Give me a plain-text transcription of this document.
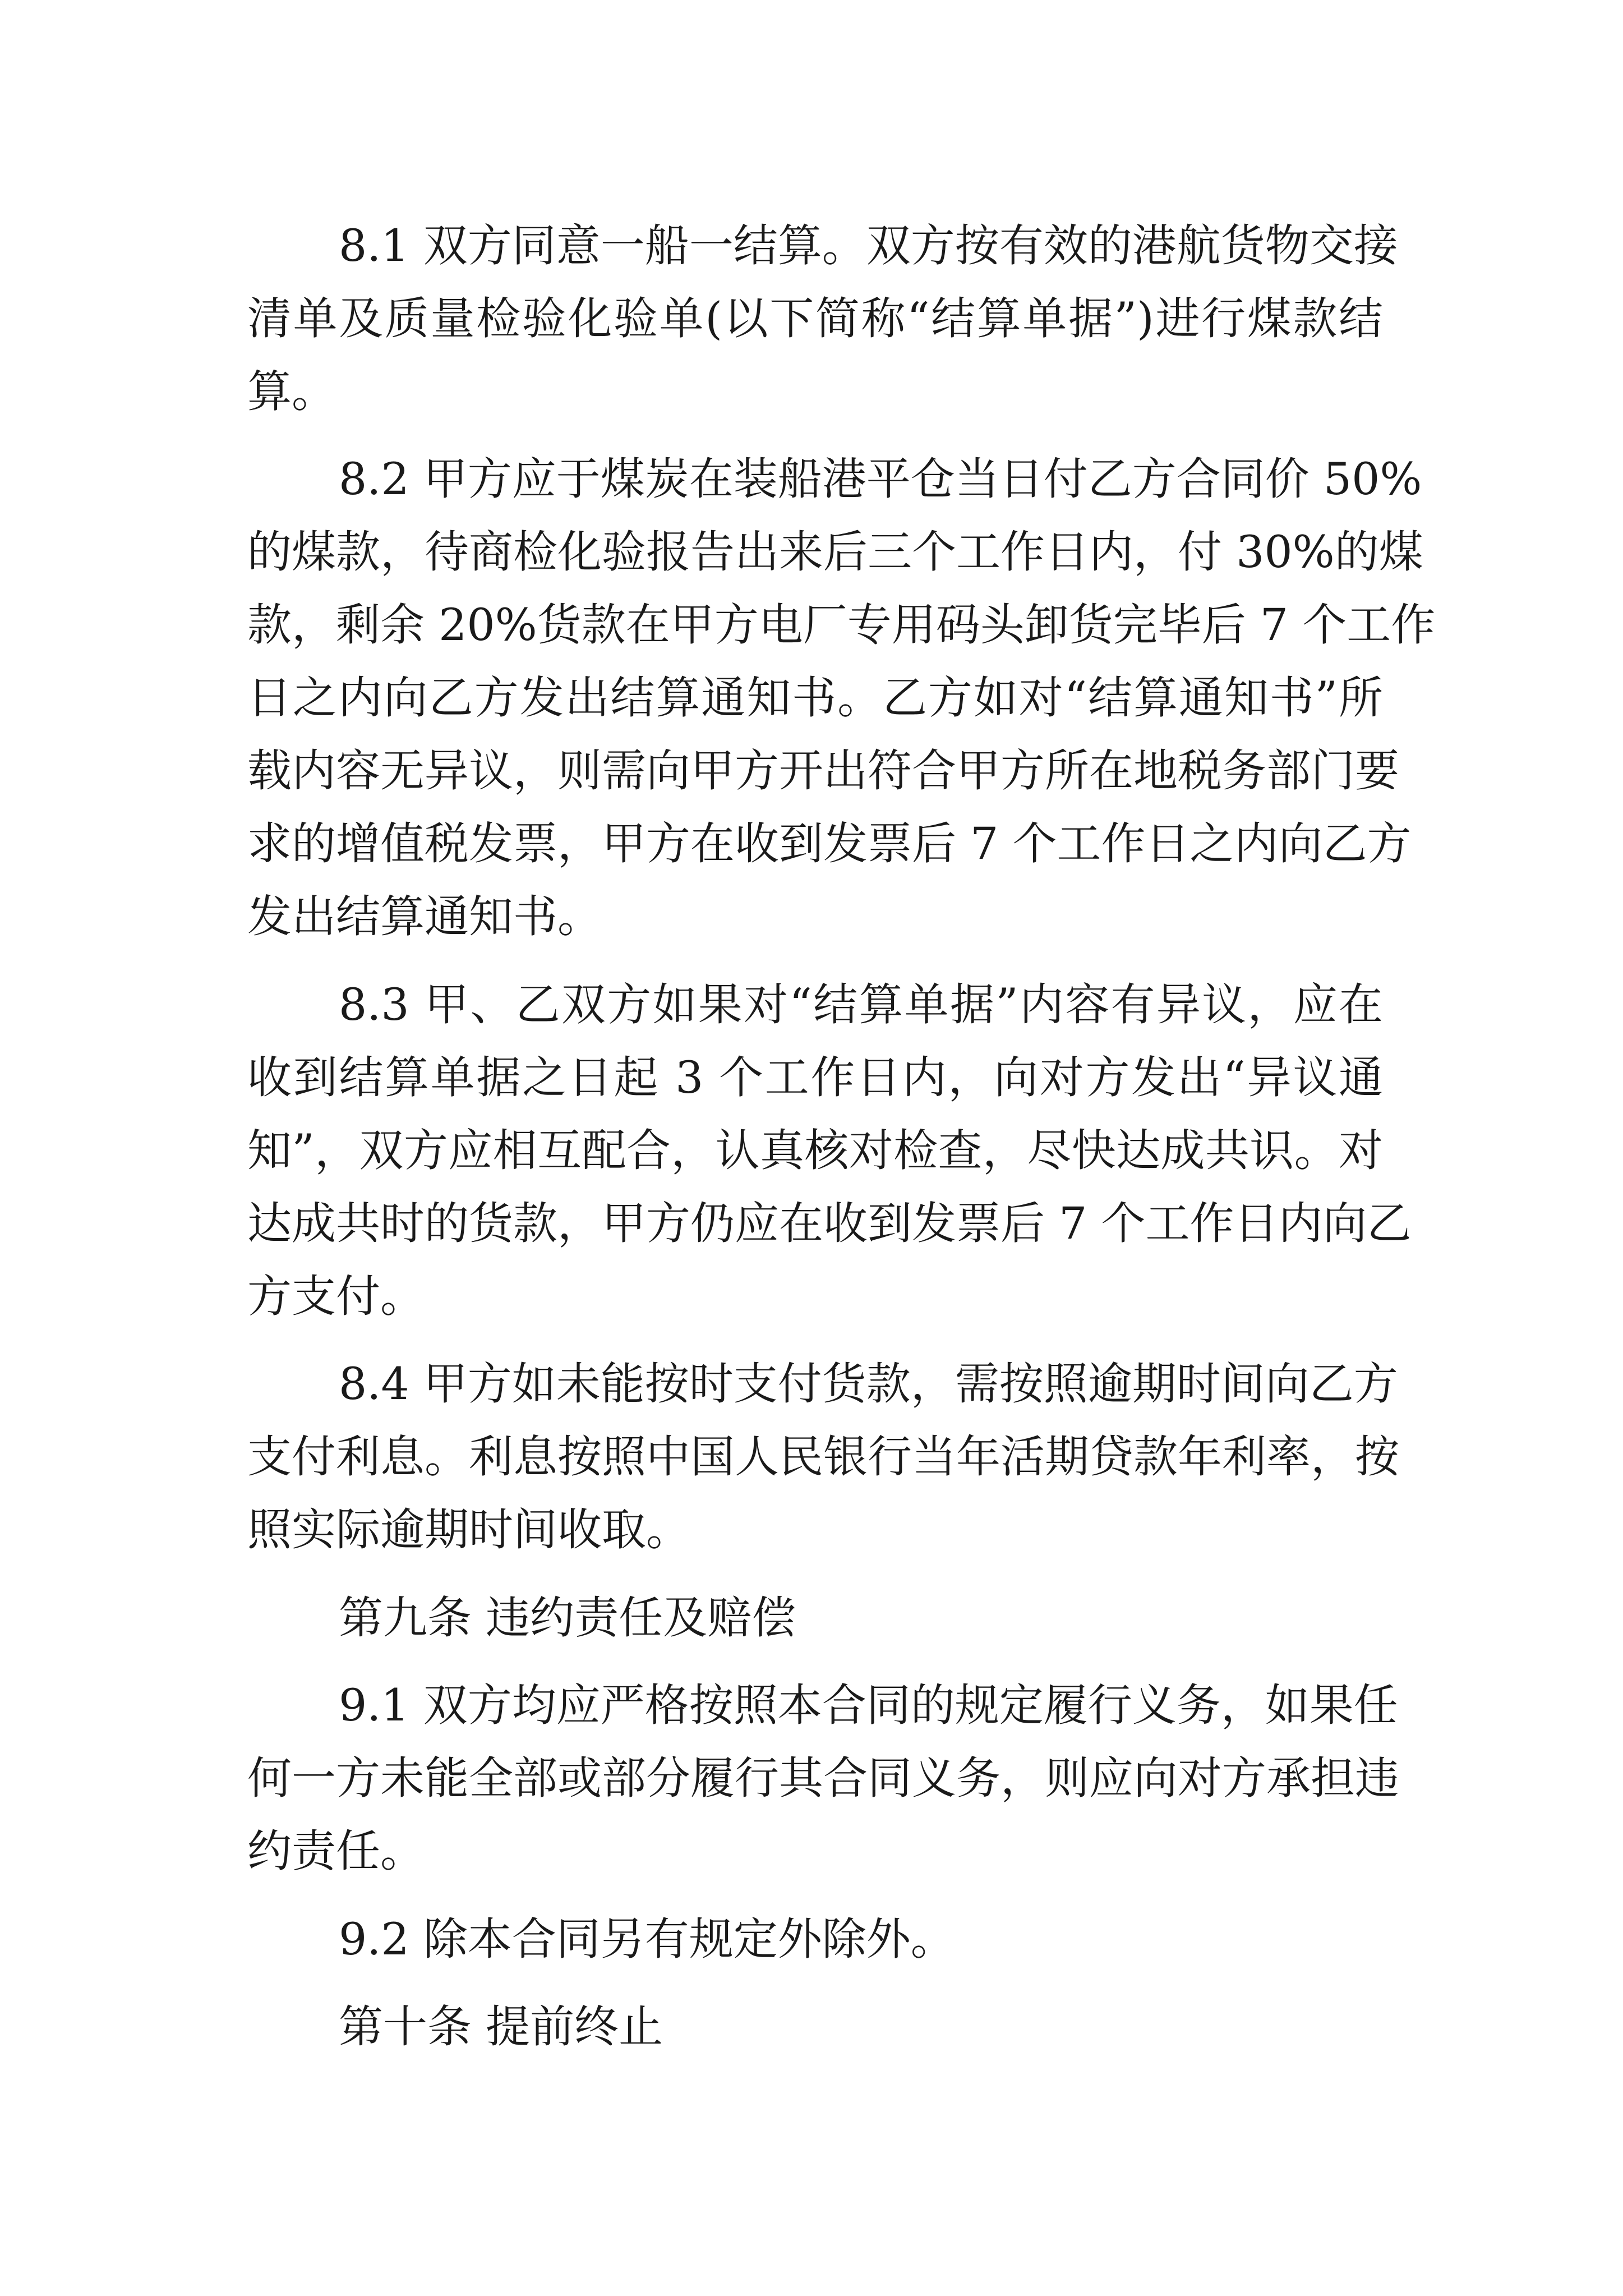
8.1 双方同意一船一结算。双方按有效的港航货物交接
清单及质量检验化验单(以下简称“结算单据”)进行煤款结
算。
8.2 甲方应于煤炭在装船港平仓当日付乙方合同价 50%
的煤款，待商检化验报告出来后三个工作日内，付 30%的煤
款，剩余 20%货款在甲方电厂专用码头卸货完毕后 7 个工作
日之内向乙方发出结算通知书。乙方如对“结算通知书”所
载内容无异议，则需向甲方开出符合甲方所在地税务部门要
求的增值税发票，甲方在收到发票后 7 个工作日之内向乙方
发出结算通知书。
8.3 甲、乙双方如果对“结算单据”内容有异议，应在
收到结算单据之日起 3 个工作日内，向对方发出“异议通
知”，双方应相互配合，认真核对检查，尽快达成共识。对
达成共时的货款，甲方仍应在收到发票后 7 个工作日内向乙
方支付。
8.4 甲方如未能按时支付货款，需按照逾期时间向乙方
支付利息。利息按照中国人民银行当年活期贷款年利率，按
照实际逾期时间收取。
第九条 违约责任及赔偿
9.1 双方均应严格按照本合同的规定履行义务，如果任
何一方未能全部或部分履行其合同义务，则应向对方承担违
约责任。
9.2 除本合同另有规定外除外。
第十条 提前终止
